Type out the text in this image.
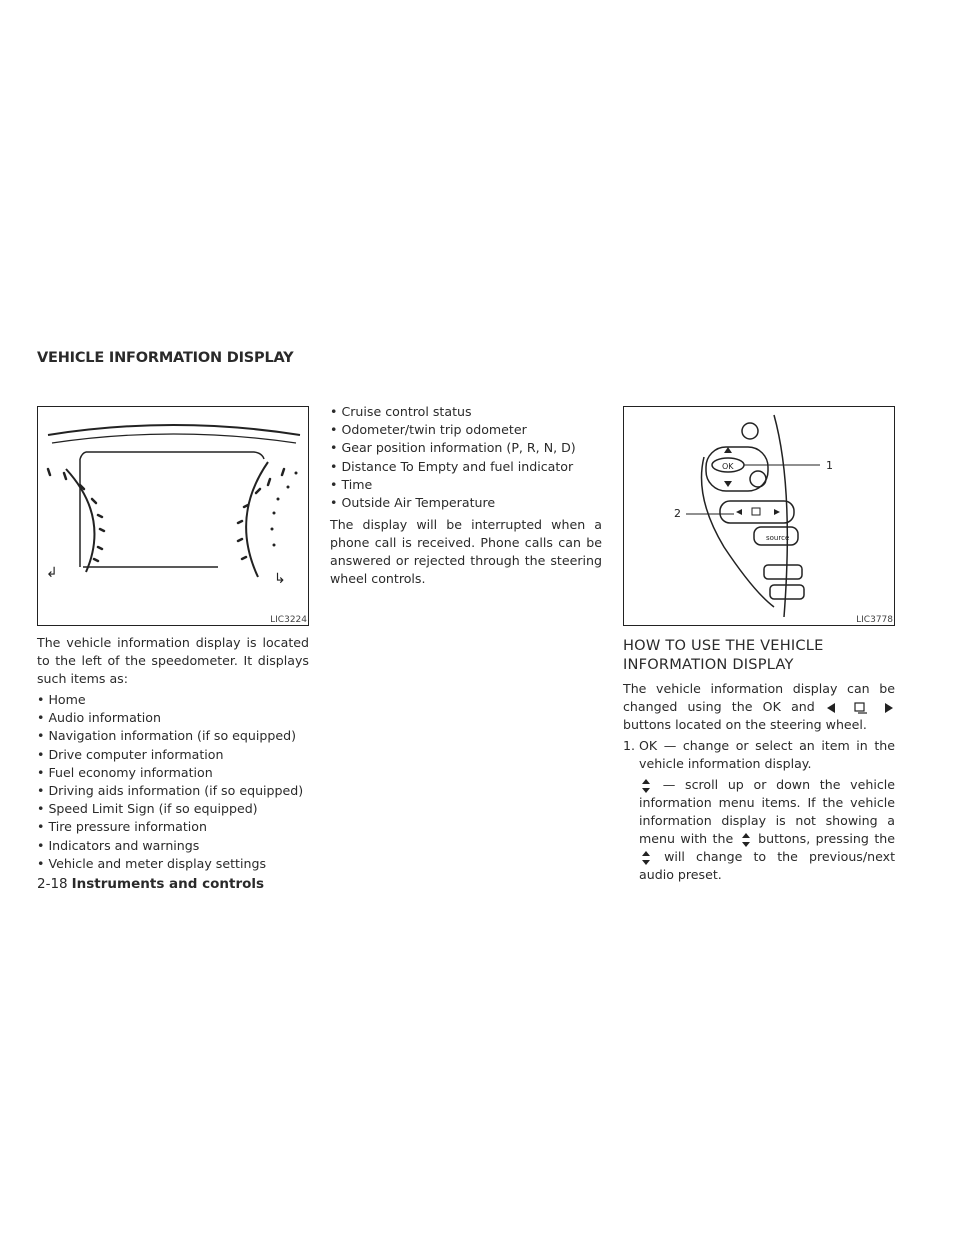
VEHICLE INFORMATION DISPLAY
↲	↳
LIC3224
OK
source
1
2
LIC3778

The vehicle information display is located to the left of the speedometer. It displays such items as:

• Home
• Audio information
• Navigation information (if so equipped)
• Drive computer information
• Fuel economy information
• Driving aids information (if so equipped)
• Speed Limit Sign (if so equipped)
• Tire pressure information
• Indicators and warnings
• Vehicle and meter display settings
• Cruise control status
• Odometer/twin trip odometer
• Gear position information (P, R, N, D)
• Distance To Empty and fuel indicator
• Time
• Outside Air Temperature

The display will be interrupted when a phone call is received. Phone calls can be answered or rejected through the steering wheel controls.

HOW TO USE THE VEHICLE INFORMATION DISPLAY

The vehicle information display can be changed using the OK and  buttons located on the steering wheel.

1. OK — change or select an item in the vehicle information display.

— scroll up or down the vehicle information menu items. If the vehicle information display is not showing a menu with the buttons, pressing the  will change to the previous/next audio preset.

2-18 Instruments and controls
